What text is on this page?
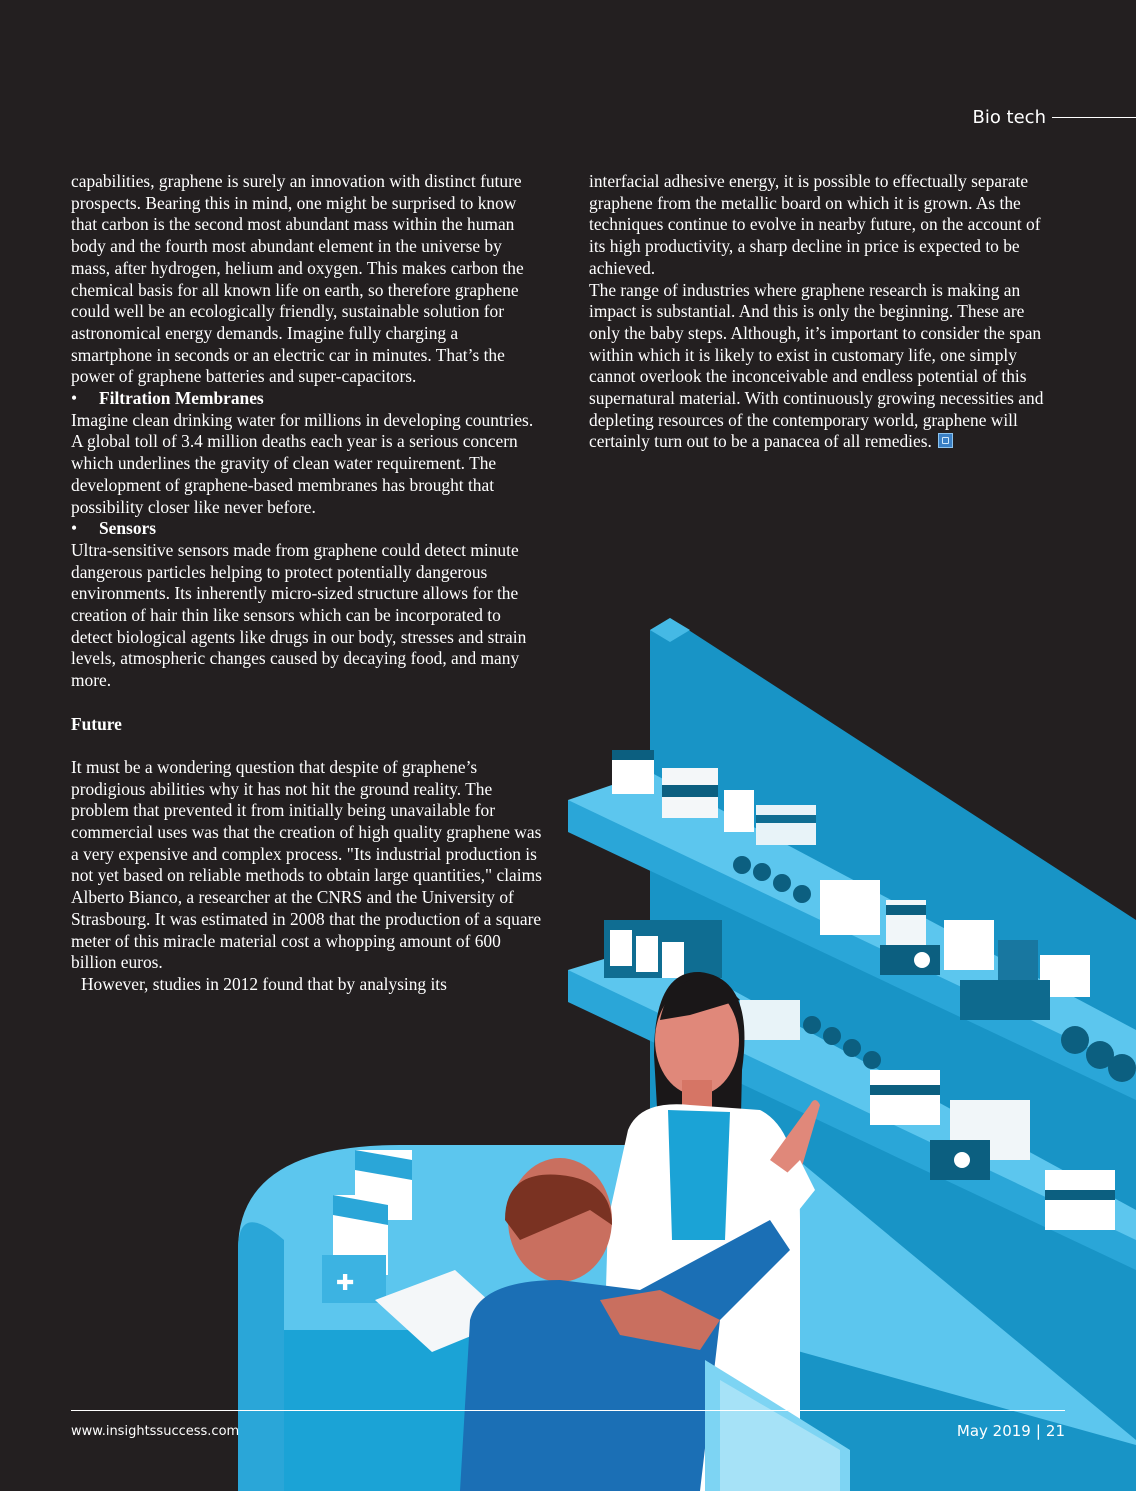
Bio tech

capabilities, graphene is surely an innovation with distinct future prospects. Bearing this in mind, one might be surprised to know that carbon is the second most abundant mass within the human body and the fourth most abundant element in the universe by mass, after hydrogen, helium and oxygen. This makes carbon the chemical basis for all known life on earth, so therefore graphene could well be an ecologically friendly, sustainable solution for astronomical energy demands. Imagine fully charging a smartphone in seconds or an electric car in minutes. That’s the power of graphene batteries and super-capacitors.

• Filtration Membranes

Imagine clean drinking water for millions in developing countries. A global toll of 3.4 million deaths each year is a serious concern which underlines the gravity of clean water requirement. The development of graphene-based membranes has brought that possibility closer like never before.

• Sensors

Ultra-sensitive sensors made from graphene could detect minute dangerous particles helping to protect potentially dangerous environments. Its inherently micro-sized structure allows for the creation of hair thin like sensors which can be incorporated to detect biological agents like drugs in our body, stresses and strain levels, atmospheric changes caused by decaying food, and many more.

Future

It must be a wondering question that despite of graphene’s prodigious abilities why it has not hit the ground reality. The problem that prevented it from initially being unavailable for commercial uses was that the creation of high quality graphene was a very expensive and complex process. "Its industrial production is not yet based on reliable methods to obtain large quantities," claims Alberto Bianco, a researcher at the CNRS and the University of Strasbourg. It was estimated in 2008 that the production of a square meter of this miracle material cost a whopping amount of 600 billion euros.

However, studies in 2012 found that by analysing its

interfacial adhesive energy, it is possible to effectually separate graphene from the metallic board on which it is grown. As the techniques continue to evolve in nearby future, on the account of its high productivity, a sharp decline in price is expected to be achieved.

The range of industries where graphene research is making an impact is substantial. And this is only the beginning. These are only the baby steps. Although, it’s important to consider the span within which it is likely to exist in customary life, one simply cannot overlook the inconceivable and endless potential of this supernatural material. With continuously growing necessities and depleting resources of the contemporary world, graphene will certainly turn out to be a panacea of all remedies.

✚
www.insightssuccess.com	May 2019 | 21
